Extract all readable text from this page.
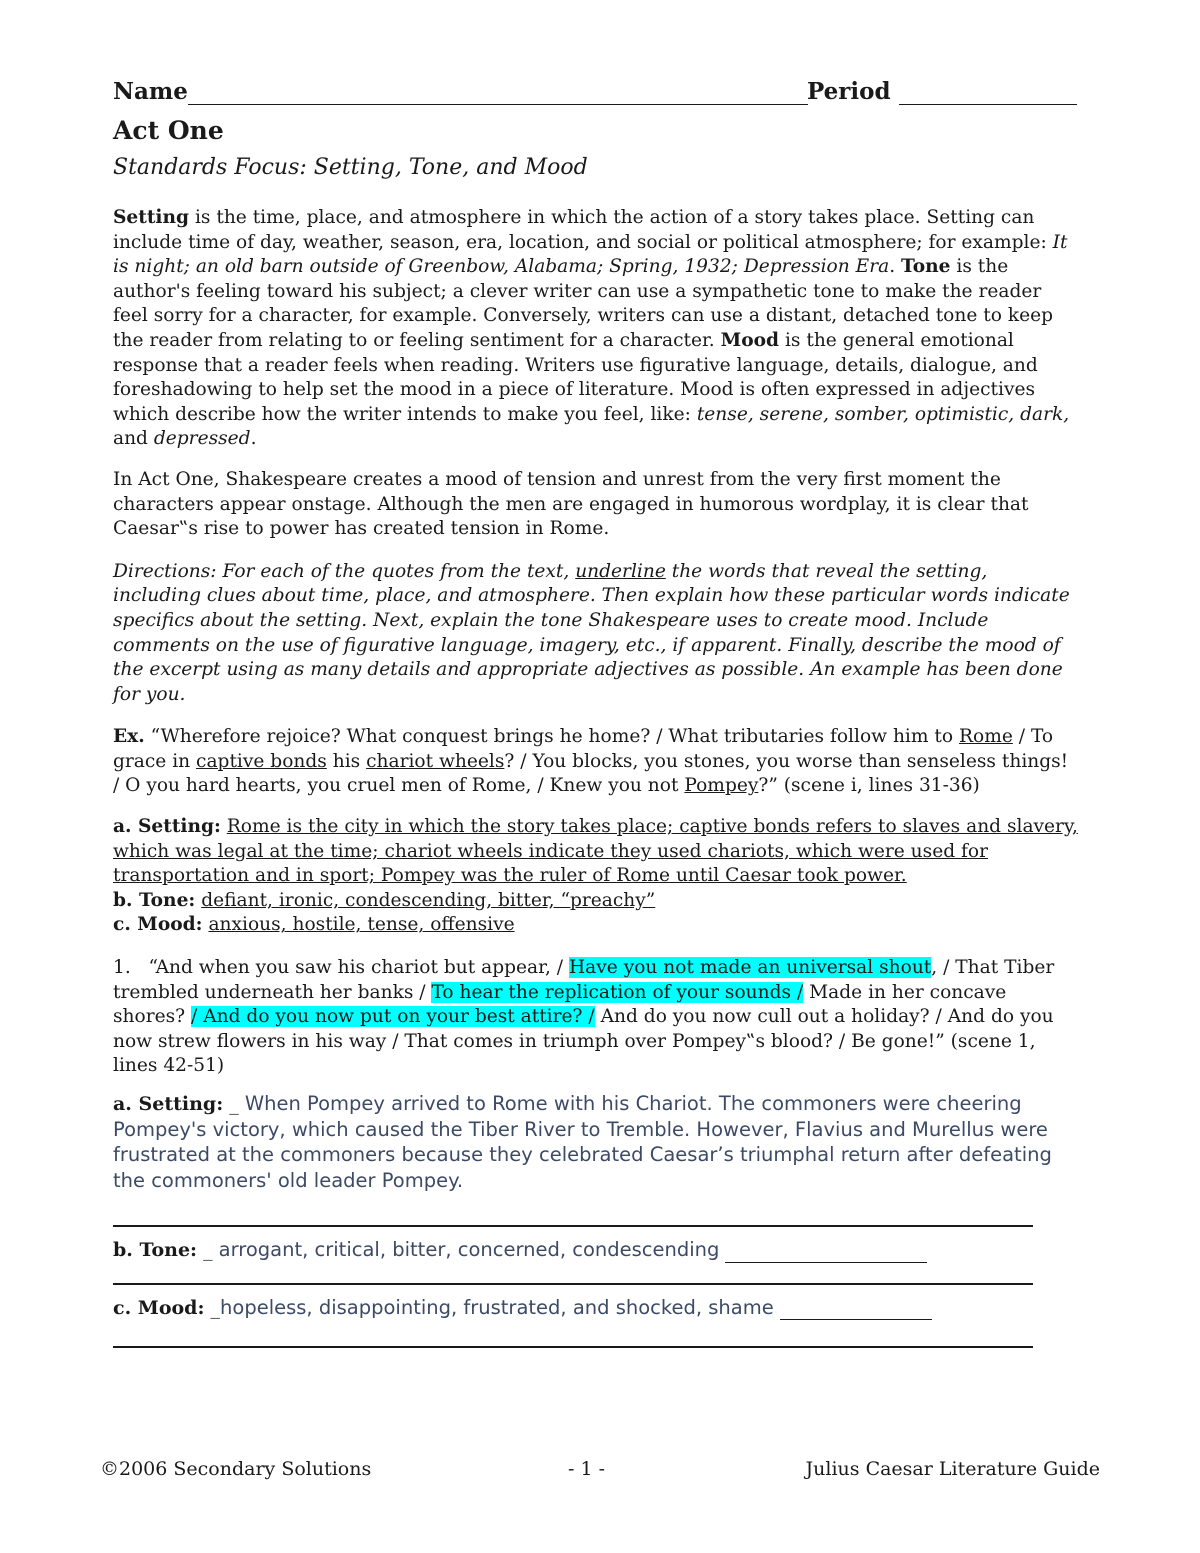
Name	Period
Act One
Standards Focus: Setting, Tone, and Mood

Setting is the time, place, and atmosphere in which the action of a story takes place. Setting can include time of day, weather, season, era, location, and social or political atmosphere; for example: It is night; an old barn outside of Greenbow, Alabama; Spring, 1932; Depression Era. Tone is the author's feeling toward his subject; a clever writer can use a sympathetic tone to make the reader feel sorry for a character, for example. Conversely, writers can use a distant, detached tone to keep the reader from relating to or feeling sentiment for a character. Mood is the general emotional response that a reader feels when reading. Writers use figurative language, details, dialogue, and foreshadowing to help set the mood in a piece of literature. Mood is often expressed in adjectives which describe how the writer intends to make you feel, like: tense, serene, somber, optimistic, dark, and depressed.

In Act One, Shakespeare creates a mood of tension and unrest from the very first moment the characters appear onstage. Although the men are engaged in humorous wordplay, it is clear that Caesar‟s rise to power has created tension in Rome.

Directions: For each of the quotes from the text, underline the words that reveal the setting, including clues about time, place, and atmosphere. Then explain how these particular words indicate specifics about the setting. Next, explain the tone Shakespeare uses to create mood. Include comments on the use of figurative language, imagery, etc., if apparent. Finally, describe the mood of the excerpt using as many details and appropriate adjectives as possible. An example has been done for you.

Ex. “Wherefore rejoice? What conquest brings he home? / What tributaries follow him to Rome / To grace in captive bonds his chariot wheels? / You blocks, you stones, you worse than senseless things! / O you hard hearts, you cruel men of Rome, / Knew you not Pompey?” (scene i, lines 31-36)

a. Setting: Rome is the city in which the story takes place; captive bonds refers to slaves and slavery, which was legal at the time; chariot wheels indicate they used chariots, which were used for transportation and in sport; Pompey was the ruler of Rome until Caesar took power.

b. Tone: defiant, ironic, condescending, bitter, “preachy”

c. Mood: anxious, hostile, tense, offensive

1. “And when you saw his chariot but appear, / Have you not made an universal shout, / That Tiber trembled underneath her banks / To hear the replication of your sounds / Made in her concave shores? / And do you now put on your best attire? / And do you now cull out a holiday? / And do you now strew flowers in his way / That comes in triumph over Pompey‟s blood? / Be gone!” (scene 1, lines 42-51)

a. Setting: _ When Pompey arrived to Rome with his Chariot. The commoners were cheering Pompey's victory, which caused the Tiber River to Tremble. However, Flavius and Murellus were frustrated at the commoners because they celebrated Caesar’s triumphal return after defeating the commoners' old leader Pompey.
b. Tone: _ arrogant, critical, bitter, concerned, condescending
c. Mood: _hopeless, disappointing, frustrated, and shocked, shame
©2006 Secondary Solutions	- 1 -	Julius Caesar Literature Guide
